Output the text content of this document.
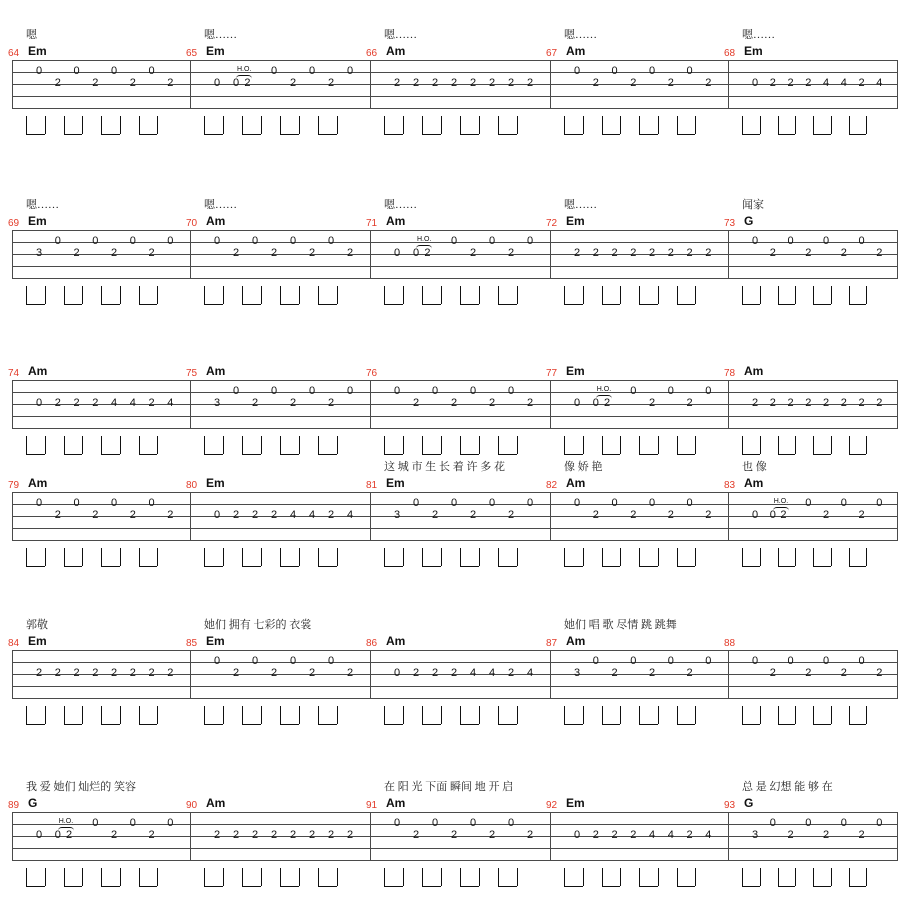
0
2
0
2
0
2
0
2	0 0
H.O.
2
0
2
0
2
0
2 2 2 2 2 2 2 2
0
2
0
2
0
2
0
2	0 2 2 2 4 4 2 4
64 Em
嗯
65 Em
嗯……
66 Am
嗯……
67 Am
嗯……
68 Em
嗯……
3
0
2
0
2
0
2
0	0
2
0
2
0
2
0
2	0 0
H.O.
2
0
2
0
2
0
2 2 2 2 2 2 2 2
0
2
0
2
0
2
0
2
69 Em
嗯……
70 Am
嗯……
71 Am
嗯……
72 Em
嗯……
73 G
闻家
0 2 2 2 4 4 2 4	3
0
2
0
2
0
2
0	0
2
0
2
0
2
0
2	0 0
H.O.
2
0
2
0
2
0
2 2 2 2 2 2 2 2
74 Am	75 Am	76	77 Em	78 Am
0
2
0
2
0
2
0
2	0 2 2 2 4 4 2 4	3
0
2
0
2
0
2
0	0
2
0
2
0
2
0
2	0 0
H.O.
2
0
2
0
2
0
79 Am	80 Em	81 Em
这 城 市 生 长 着 许 多 花
82 Am
像 娇 艳
83 Am
也 像
2 2 2 2 2 2 2 2
0
2
0
2
0
2
0
2	0 2 2 2 4 4 2 4	3
0
2
0
2
0
2
0	0
2
0
2
0
2
0
2
84 Em
郭敬
85 Em
她们 拥有 七彩的 衣裳
86 Am	87 Am
她们 唱 歌 尽情 跳 跳舞
88
0 0
H.O.
2
0
2
0
2
0
2 2 2 2 2 2 2 2
0
2
0
2
0
2
0
2	0 2 2 2 4 4 2 4	3
0
2
0
2
0
2
0
89 G
我 爱 她们 灿烂的 笑容
90 Am	91 Am
在 阳 光 下面 瞬间 地 开 启
92 Em	93 G
总 是 幻想 能 够 在
